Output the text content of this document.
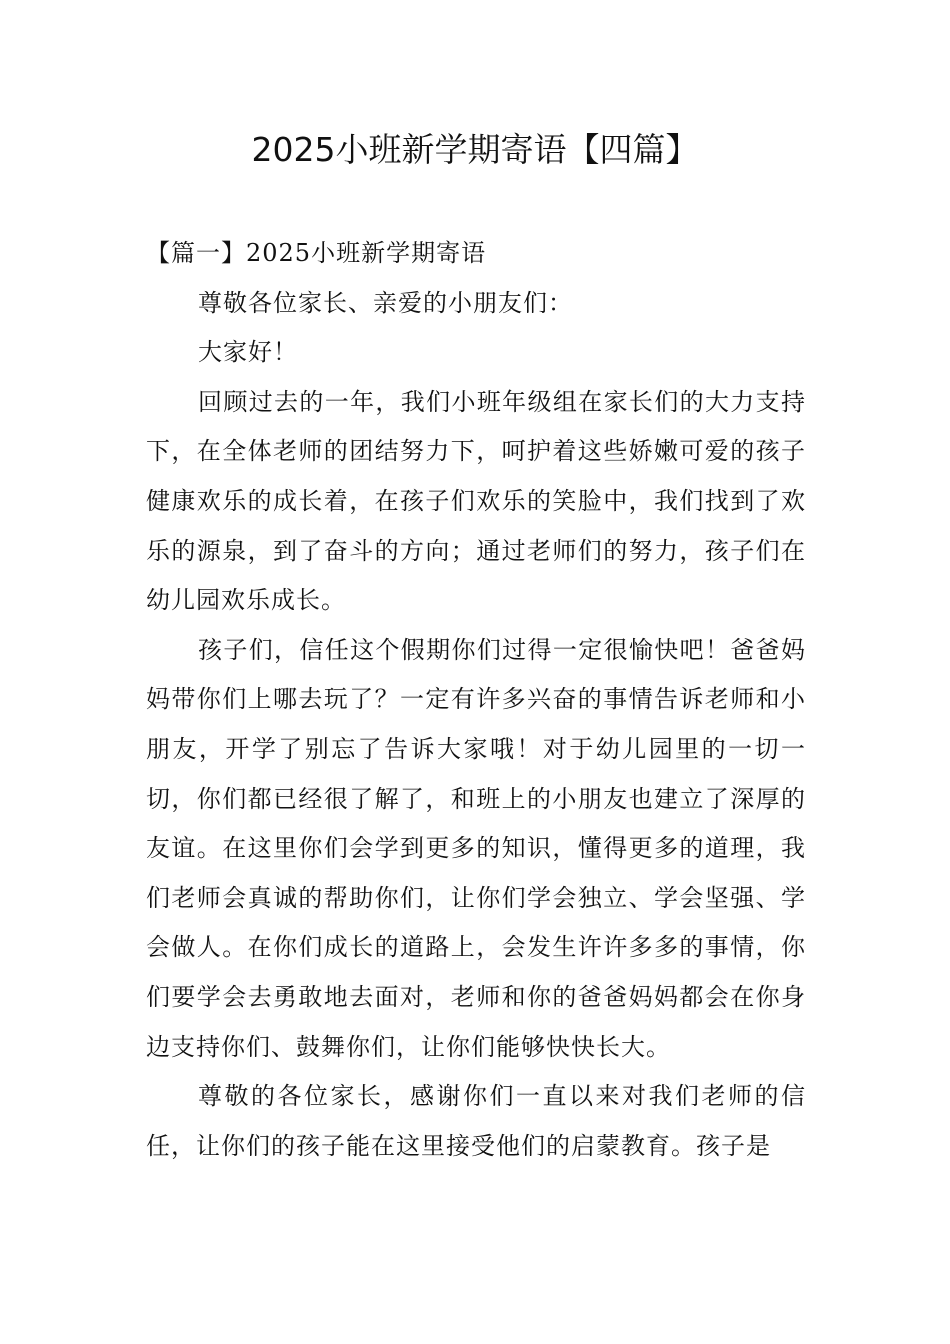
2025小班新学期寄语【四篇】

【篇一】2025小班新学期寄语

尊敬各位家长、亲爱的小朋友们：

大家好！

回顾过去的一年，我们小班年级组在家长们的大力支持下，在全体老师的团结努力下，呵护着这些娇嫩可爱的孩子健康欢乐的成长着，在孩子们欢乐的笑脸中，我们找到了欢乐的源泉，到了奋斗的方向；通过老师们的努力，孩子们在幼儿园欢乐成长。

孩子们，信任这个假期你们过得一定很愉快吧！爸爸妈妈带你们上哪去玩了？一定有许多兴奋的事情告诉老师和小朋友，开学了别忘了告诉大家哦！对于幼儿园里的一切一切，你们都已经很了解了，和班上的小朋友也建立了深厚的友谊。在这里你们会学到更多的知识，懂得更多的道理，我们老师会真诚的帮助你们，让你们学会独立、学会坚强、学会做人。在你们成长的道路上，会发生许许多多的事情，你们要学会去勇敢地去面对，老师和你的爸爸妈妈都会在你身边支持你们、鼓舞你们，让你们能够快快长大。

尊敬的各位家长，感谢你们一直以来对我们老师的信任，让你们的孩子能在这里接受他们的启蒙教育。孩子是
